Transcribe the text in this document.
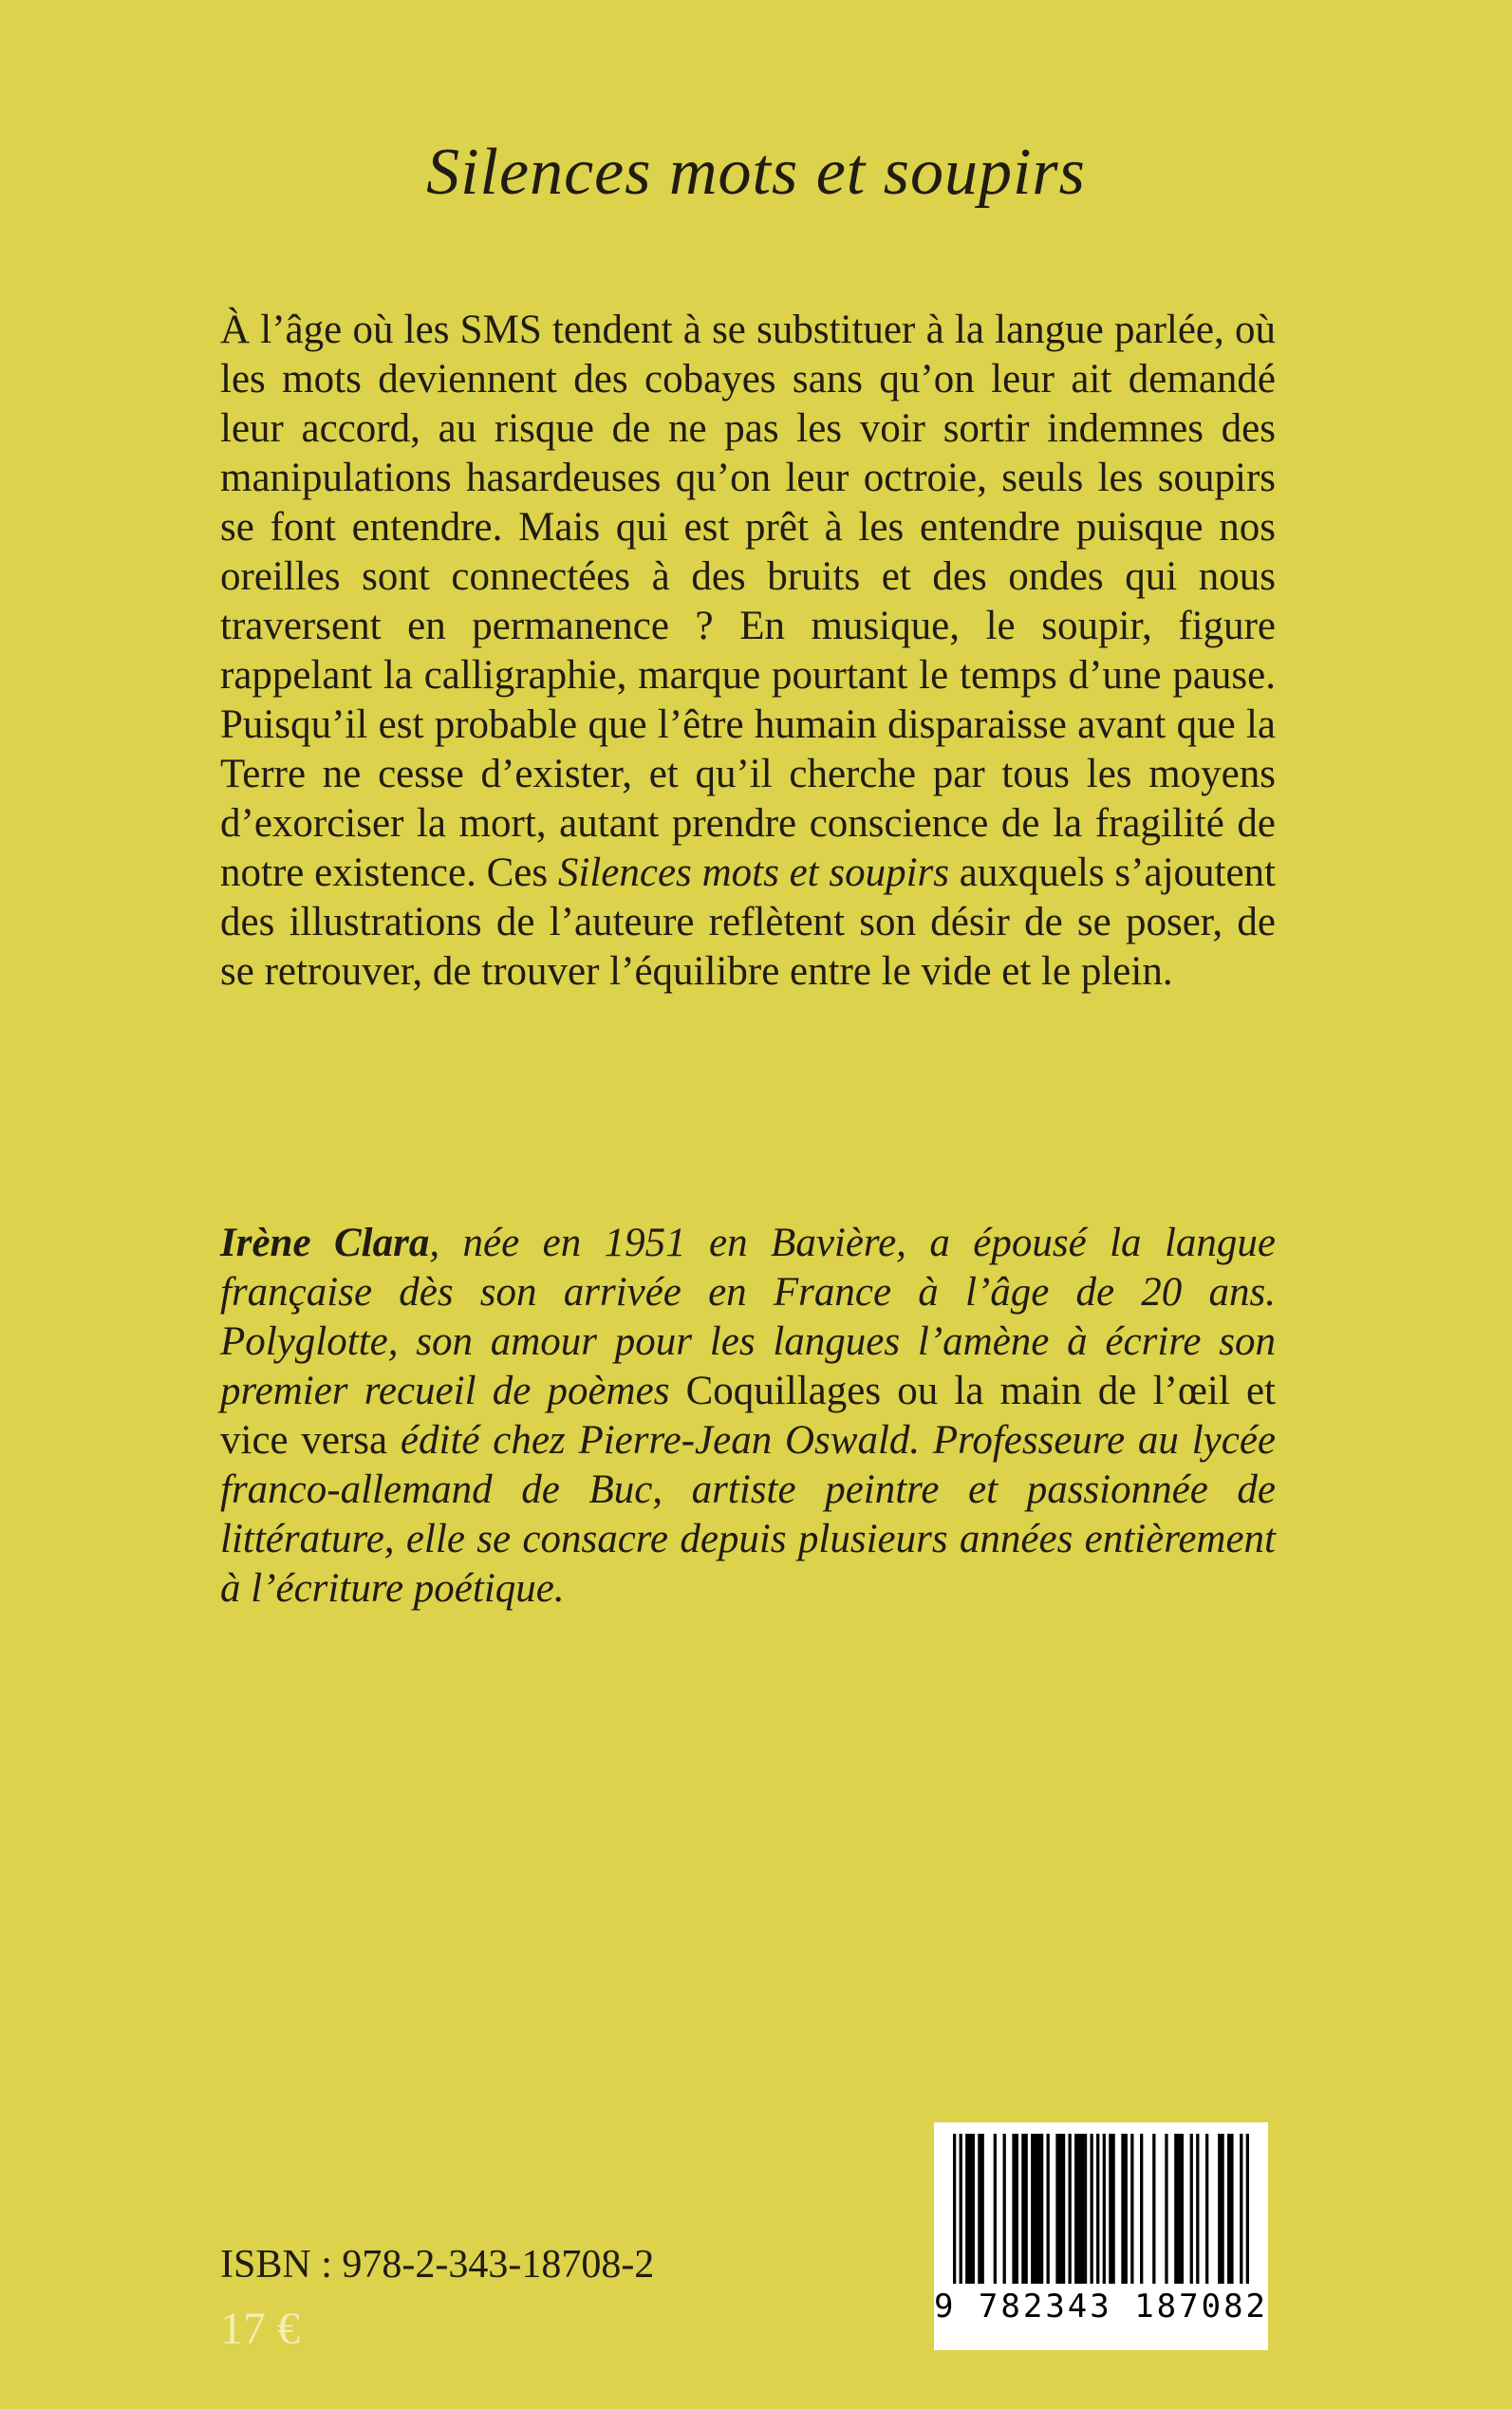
Silences mots et soupirs

À l’âge où les SMS tendent à se substituer à la langue parlée, où les mots deviennent des cobayes sans qu’on leur ait demandé leur accord, au risque de ne pas les voir sortir indemnes des manipulations hasardeuses qu’on leur octroie, seuls les soupirs se font entendre. Mais qui est prêt à les entendre puisque nos oreilles sont connectées à des bruits et des ondes qui nous traversent en permanence ? En musique, le soupir, figure rappelant la calligraphie, marque pourtant le temps d’une pause. Puisqu’il est probable que l’être humain disparaisse avant que la Terre ne cesse d’exister, et qu’il cherche par tous les moyens d’exorciser la mort, autant prendre conscience de la fragilité de notre existence. Ces Silences mots et soupirs auxquels s’ajoutent des illustrations de l’auteure reflètent son désir de se poser, de se retrouver, de trouver l’équilibre entre le vide et le plein.

Irène Clara, née en 1951 en Bavière, a épousé la langue française dès son arrivée en France à l’âge de 20 ans. Polyglotte, son amour pour les langues l’amène à écrire son premier recueil de poèmes Coquillages ou la main de l’œil et vice versa édité chez Pierre-Jean Oswald. Professeure au lycée franco-allemand de Buc, artiste peintre et passionnée de littérature, elle se consacre depuis plusieurs années entièrement à l’écriture poétique.

ISBN : 978-2-343-18708-2
17 €	9 782343 187082
